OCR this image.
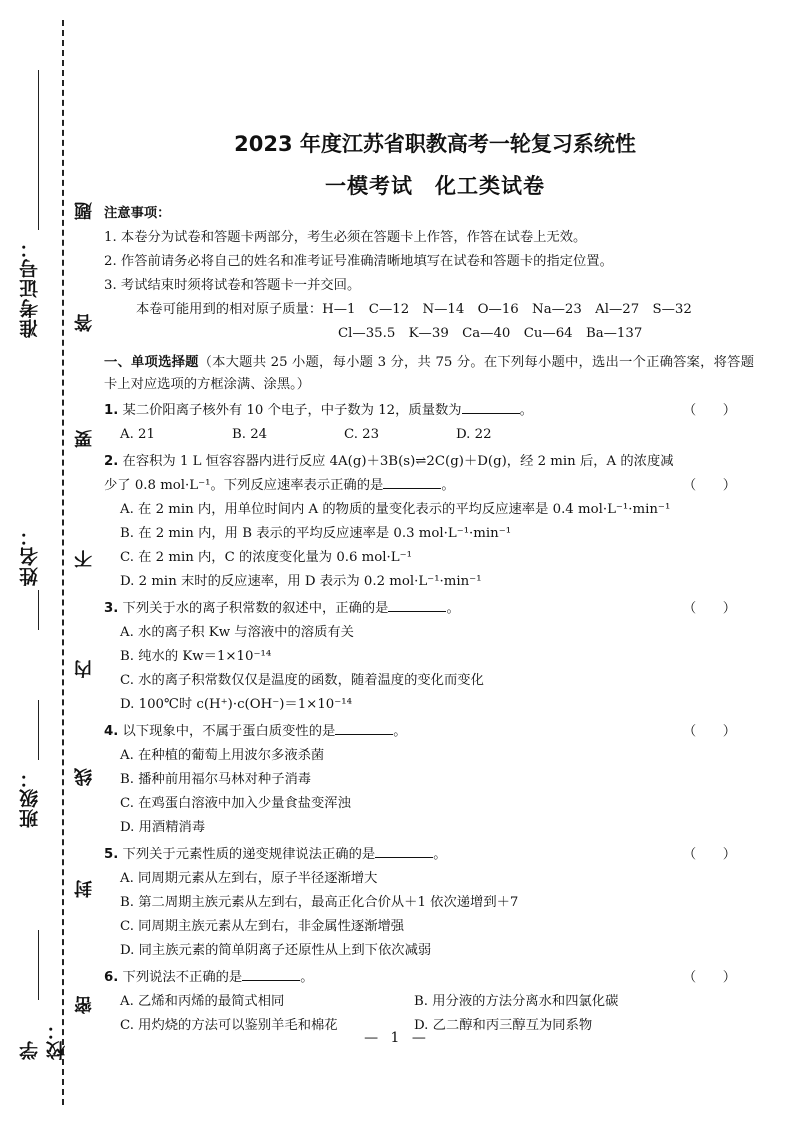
学校：
班级：
姓名：
准考证号：
题
答
要
不
内
线
封
密
2023 年度江苏省职教高考一轮复习系统性
一模考试　化工类试卷
注意事项：
1. 本卷分为试卷和答题卡两部分，考生必须在答题卡上作答，作答在试卷上无效。
2. 作答前请务必将自己的姓名和准考证号准确清晰地填写在试卷和答题卡的指定位置。
3. 考试结束时须将试卷和答题卡一并交回。
本卷可能用到的相对原子质量：H—1　C—12　N—14　O—16　Na—23　Al—27　S—32
Cl—35.5　K—39　Ca—40　Cu—64　Ba—137
一、单项选择题（本大题共 25 小题，每小题 3 分，共 75 分。在下列每小题中，选出一个正确答案，将答题卡上对应选项的方框涂满、涂黑。）
1. 某二价阳离子核外有 10 个电子，中子数为 12，质量数为	。	（　　）
A. 21	B. 24	C. 23	D. 22
2. 在容积为 1 L 恒容容器内进行反应 4A(g)＋3B(s)⇌2C(g)＋D(g)，经 2 min 后，A 的浓度减少了 0.8 mol·L⁻¹。下列反应速率表示正确的是	。	（　　）
A. 在 2 min 内，用单位时间内 A 的物质的量变化表示的平均反应速率是 0.4 mol·L⁻¹·min⁻¹
B. 在 2 min 内，用 B 表示的平均反应速率是 0.3 mol·L⁻¹·min⁻¹
C. 在 2 min 内，C 的浓度变化量为 0.6 mol·L⁻¹
D. 2 min 末时的反应速率，用 D 表示为 0.2 mol·L⁻¹·min⁻¹
3. 下列关于水的离子积常数的叙述中，正确的是	。	（　　）
A. 水的离子积 Kw 与溶液中的溶质有关
B. 纯水的 Kw＝1×10⁻¹⁴
C. 水的离子积常数仅仅是温度的函数，随着温度的变化而变化
D. 100℃时 c(H⁺)·c(OH⁻)＝1×10⁻¹⁴
4. 以下现象中，不属于蛋白质变性的是	。	（　　）
A. 在种植的葡萄上用波尔多液杀菌
B. 播种前用福尔马林对种子消毒
C. 在鸡蛋白溶液中加入少量食盐变浑浊
D. 用酒精消毒
5. 下列关于元素性质的递变规律说法正确的是	。	（　　）
A. 同周期元素从左到右，原子半径逐渐增大
B. 第二周期主族元素从左到右，最高正化合价从＋1 依次递增到＋7
C. 同周期主族元素从左到右，非金属性逐渐增强
D. 同主族元素的简单阴离子还原性从上到下依次减弱
6. 下列说法不正确的是	。	（　　）
A. 乙烯和丙烯的最简式相同	B. 用分液的方法分离水和四氯化碳
C. 用灼烧的方法可以鉴别羊毛和棉花	D. 乙二醇和丙三醇互为同系物
— 1 —
